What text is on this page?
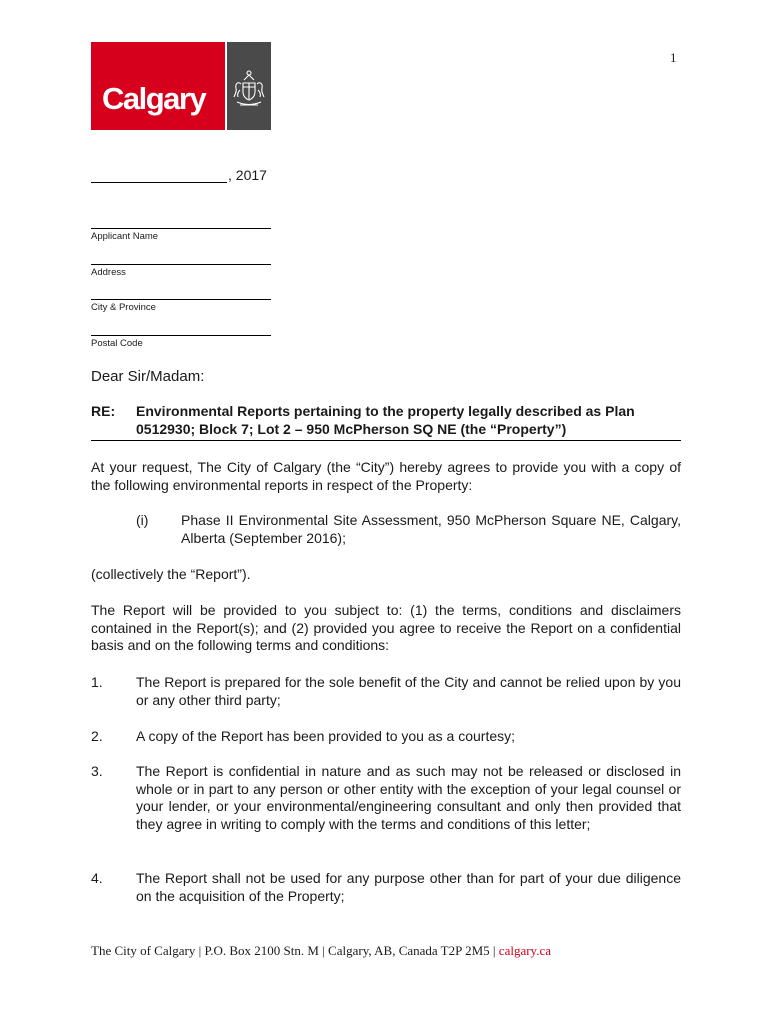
1
Calgary
, 2017
Applicant Name
Address
City & Province
Postal Code
Dear Sir/Madam:
RE: Environmental Reports pertaining to the property legally described as Plan
0512930; Block 7; Lot 2 – 950 McPherson SQ NE (the “Property”)
At your request, The City of Calgary (the “City”) hereby agrees to provide you with a copy of the following environmental reports in respect of the Property:
(i) Phase II Environmental Site Assessment, 950 McPherson Square NE, Calgary, Alberta (September 2016);
(collectively the “Report”).
The Report will be provided to you subject to: (1) the terms, conditions and disclaimers contained in the Report(s); and (2) provided you agree to receive the Report on a confidential basis and on the following terms and conditions:
1. The Report is prepared for the sole benefit of the City and cannot be relied upon by you or any other third party;
2. A copy of the Report has been provided to you as a courtesy;
3. The Report is confidential in nature and as such may not be released or disclosed in whole or in part to any person or other entity with the exception of your legal counsel or your lender, or your environmental/engineering consultant and only then provided that they agree in writing to comply with the terms and conditions of this letter;
4. The Report shall not be used for any purpose other than for part of your due diligence on the acquisition of the Property;
The City of Calgary | P.O. Box 2100 Stn. M | Calgary, AB, Canada T2P 2M5 | calgary.ca
